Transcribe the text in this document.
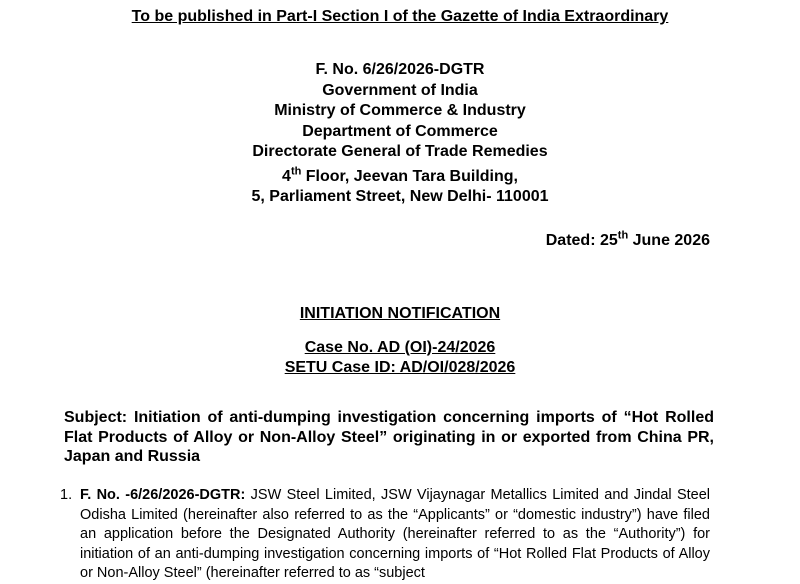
To be published in Part-I Section I of the Gazette of India Extraordinary
F. No. 6/26/2026-DGTR
Government of India
Ministry of Commerce & Industry
Department of Commerce
Directorate General of Trade Remedies
4th Floor, Jeevan Tara Building,
5, Parliament Street, New Delhi- 110001
Dated: 25th June 2026
INITIATION NOTIFICATION
Case No. AD (OI)-24/2026
SETU Case ID: AD/OI/028/2026
Subject: Initiation of anti-dumping investigation concerning imports of “Hot Rolled Flat Products of Alloy or Non-Alloy Steel” originating in or exported from China PR, Japan and Russia
1. F. No. -6/26/2026-DGTR: JSW Steel Limited, JSW Vijaynagar Metallics Limited and Jindal Steel Odisha Limited (hereinafter also referred to as the “Applicants” or “domestic industry”) have filed an application before the Designated Authority (hereinafter referred to as the “Authority”) for initiation of an anti-dumping investigation concerning imports of “Hot Rolled Flat Products of Alloy or Non-Alloy Steel” (hereinafter referred to as “subject
